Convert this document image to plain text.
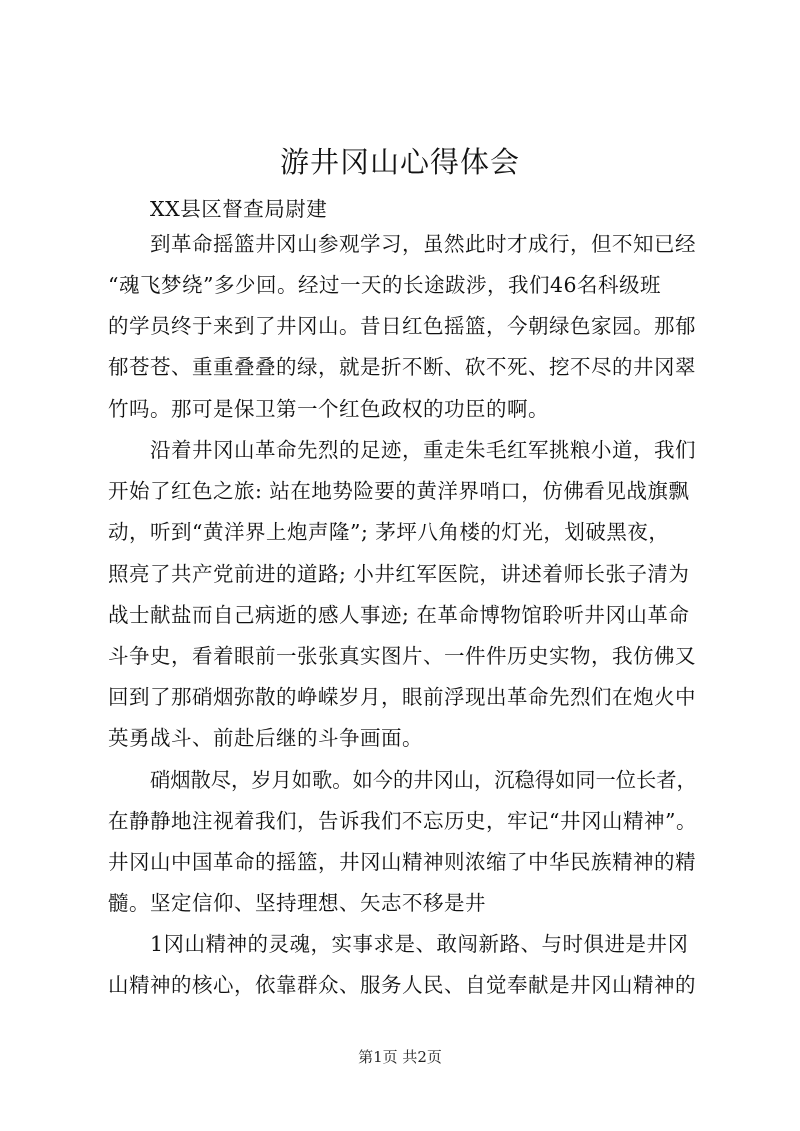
游井冈山心得体会
XX县区督查局尉建
到革命摇篮井冈山参观学习，虽然此时才成行，但不知已经
“魂飞梦绕”多少回。经过一天的长途跋涉，我们46名科级班
的学员终于来到了井冈山。昔日红色摇篮，今朝绿色家园。那郁
郁苍苍、重重叠叠的绿，就是折不断、砍不死、挖不尽的井冈翠
竹吗。那可是保卫第一个红色政权的功臣的啊。
沿着井冈山革命先烈的足迹，重走朱毛红军挑粮小道，我们
开始了红色之旅: 站在地势险要的黄洋界哨口，仿佛看见战旗飘
动，听到“黄洋界上炮声隆”; 茅坪八角楼的灯光，划破黑夜，
照亮了共产党前进的道路; 小井红军医院，讲述着师长张子清为
战士献盐而自己病逝的感人事迹; 在革命博物馆聆听井冈山革命
斗争史，看着眼前一张张真实图片、一件件历史实物，我仿佛又
回到了那硝烟弥散的峥嵘岁月，眼前浮现出革命先烈们在炮火中
英勇战斗、前赴后继的斗争画面。
硝烟散尽，岁月如歌。如今的井冈山，沉稳得如同一位长者，
在静静地注视着我们，告诉我们不忘历史，牢记“井冈山精神”。
井冈山中国革命的摇篮，井冈山精神则浓缩了中华民族精神的精
髓。坚定信仰、坚持理想、矢志不移是井
1冈山精神的灵魂，实事求是、敢闯新路、与时俱进是井冈
山精神的核心，依靠群众、服务人民、自觉奉献是井冈山精神的
第1页 共2页
